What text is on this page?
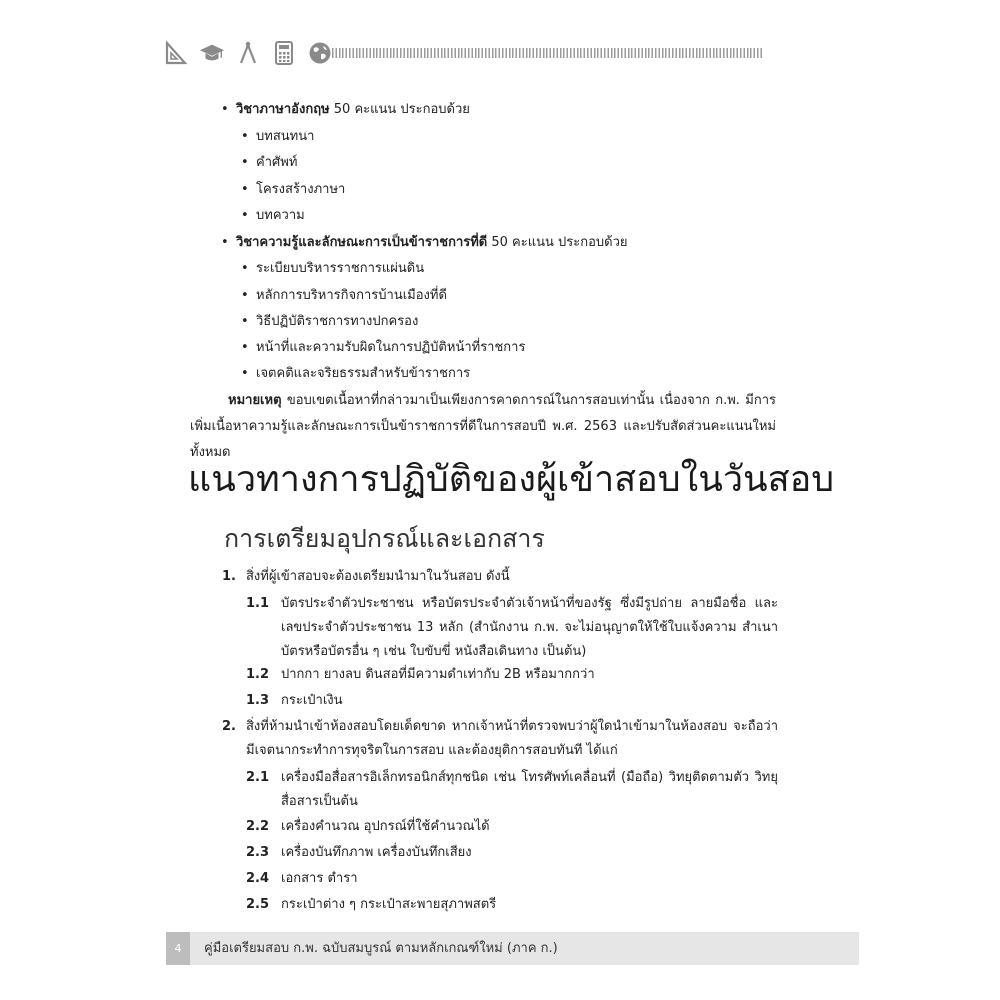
• วิชาภาษาอังกฤษ 50 คะแนน ประกอบด้วย
• บทสนทนา
• คำศัพท์
• โครงสร้างภาษา
• บทความ
• วิชาความรู้และลักษณะการเป็นข้าราชการที่ดี 50 คะแนน ประกอบด้วย
• ระเบียบบริหารราชการแผ่นดิน
• หลักการบริหารกิจการบ้านเมืองที่ดี
• วิธีปฏิบัติราชการทางปกครอง
• หน้าที่และความรับผิดในการปฏิบัติหน้าที่ราชการ
• เจตคติและจริยธรรมสำหรับข้าราชการ
หมายเหตุ ขอบเขตเนื้อหาที่กล่าวมาเป็นเพียงการคาดการณ์ในการสอบเท่านั้น เนื่องจาก ก.พ. มีการเพิ่มเนื้อหาความรู้และลักษณะการเป็นข้าราชการที่ดีในการสอบปี พ.ศ. 2563 และปรับสัดส่วนคะแนนใหม่ทั้งหมด
แนวทางการปฏิบัติของผู้เข้าสอบในวันสอบ
การเตรียมอุปกรณ์และเอกสาร
1. สิ่งที่ผู้เข้าสอบจะต้องเตรียมนำมาในวันสอบ ดังนี้
1.1 บัตรประจำตัวประชาชน หรือบัตรประจำตัวเจ้าหน้าที่ของรัฐ ซึ่งมีรูปถ่าย ลายมือชื่อ และเลขประจำตัวประชาชน 13 หลัก (สำนักงาน ก.พ. จะไม่อนุญาตให้ใช้ใบแจ้งความ สำเนาบัตรหรือบัตรอื่น ๆ เช่น ใบขับขี่ หนังสือเดินทาง เป็นต้น)
1.2 ปากกา ยางลบ ดินสอที่มีความดำเท่ากับ 2B หรือมากกว่า
1.3 กระเป๋าเงิน
2. สิ่งที่ห้ามนำเข้าห้องสอบโดยเด็ดขาด หากเจ้าหน้าที่ตรวจพบว่าผู้ใดนำเข้ามาในห้องสอบ จะถือว่ามีเจตนากระทำการทุจริตในการสอบ และต้องยุติการสอบทันที ได้แก่
2.1 เครื่องมือสื่อสารอิเล็กทรอนิกส์ทุกชนิด เช่น โทรศัพท์เคลื่อนที่ (มือถือ) วิทยุติดตามตัว วิทยุสื่อสารเป็นต้น
2.2 เครื่องคำนวณ อุปกรณ์ที่ใช้คำนวณได้
2.3 เครื่องบันทึกภาพ เครื่องบันทึกเสียง
2.4 เอกสาร ตำรา
2.5 กระเป๋าต่าง ๆ กระเป๋าสะพายสุภาพสตรี
4	คู่มือเตรียมสอบ ก.พ. ฉบับสมบูรณ์ ตามหลักเกณฑ์ใหม่ (ภาค ก.)
